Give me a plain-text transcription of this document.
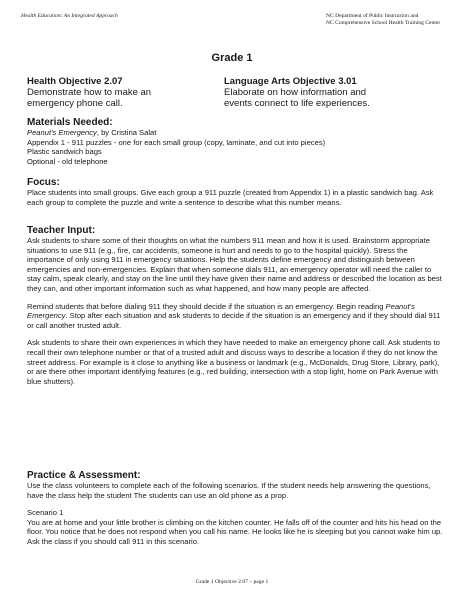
Health Education: An Integrated Approach	NC Department of Public Instruction and
NC Comprehensive School Health Training Center
Grade 1
Health Objective 2.07
Demonstrate how to make an
emergency phone call.
Language Arts Objective 3.01
Elaborate on how information and
events connect to life experiences.
Materials Needed:
Peanut's Emergency, by Cristina Salat
Appendix 1 - 911 puzzles - one for each small group (copy, laminate, and cut into pieces)
Plastic sandwich bags
Optional - old telephone
Focus:
Place students into small groups. Give each group a 911 puzzle (created from Appendix 1) in a plastic sandwich bag. Ask each group to complete the puzzle and write a sentence to describe what this number means.
Teacher Input:

Ask students to share some of their thoughts on what the numbers 911 mean and how it is used. Brainstorm appropriate situations to use 911 (e.g., fire, car accidents, someone is hurt and needs to go to the hospital quickly). Stress the importance of only using 911 in emergency situations. Help the students define emergency and distinguish between emergencies and non-emergencies. Explain that when someone dials 911, an emergency operator will need the caller to stay calm, speak clearly, and stay on the line until they have given their name and address or described the location as best they can, and other important information such as what happened, and how many people are affected.

Remind students that before dialing 911 they should decide if the situation is an emergency. Begin reading Peanut's Emergency. Stop after each situation and ask students to decide if the situation is an emergency and if they should dial 911 or call another trusted adult.

Ask students to share their own experiences in which they have needed to make an emergency phone call. Ask students to recall their own telephone number or that of a trusted adult and discuss ways to describe a location if they do not know the street address. For example is it close to anything like a business or landmark (e.g., McDonalds, Drug Store, Library, park), or are there other important identifying features (e.g., red building, intersection with a stop light, home on Park Avenue with blue shutters).

Practice & Assessment:

Use the class volunteers to complete each of the following scenarios. If the student needs help answering the questions, have the class help the student The students can use an old phone as a prop.

Scenario 1
You are at home and your little brother is climbing on the kitchen counter. He falls off of the counter and hits his head on the floor. You notice that he does not respond when you call his name. He looks like he is sleeping but you cannot wake him up. Ask the class if you should call 911 in this scenario.
Grade 1 Objective 2.07 – page 1
